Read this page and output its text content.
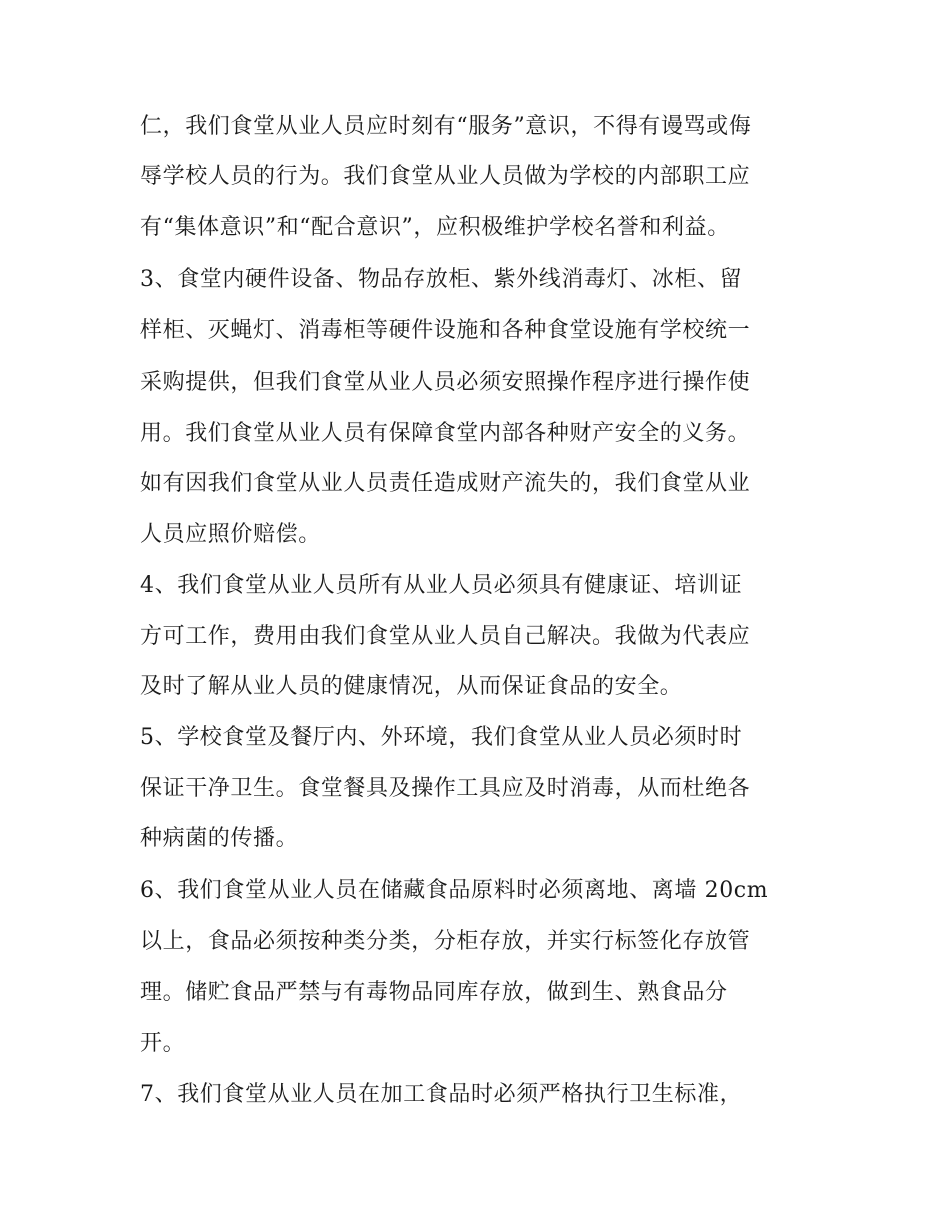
仁，我们食堂从业人员应时刻有“服务”意识，不得有谩骂或侮
辱学校人员的行为。我们食堂从业人员做为学校的内部职工应
有“集体意识”和“配合意识”，应积极维护学校名誉和利益。
3、食堂内硬件设备、物品存放柜、紫外线消毒灯、冰柜、留
样柜、灭蝇灯、消毒柜等硬件设施和各种食堂设施有学校统一
采购提供，但我们食堂从业人员必须安照操作程序进行操作使
用。我们食堂从业人员有保障食堂内部各种财产安全的义务。
如有因我们食堂从业人员责任造成财产流失的，我们食堂从业
人员应照价赔偿。
4、我们食堂从业人员所有从业人员必须具有健康证、培训证
方可工作，费用由我们食堂从业人员自己解决。我做为代表应
及时了解从业人员的健康情况，从而保证食品的安全。
5、学校食堂及餐厅内、外环境，我们食堂从业人员必须时时
保证干净卫生。食堂餐具及操作工具应及时消毒，从而杜绝各
种病菌的传播。
6、我们食堂从业人员在储藏食品原料时必须离地、离墙 20cm
以上，食品必须按种类分类，分柜存放，并实行标签化存放管
理。储贮食品严禁与有毒物品同库存放，做到生、熟食品分
开。
7、我们食堂从业人员在加工食品时必须严格执行卫生标准，
